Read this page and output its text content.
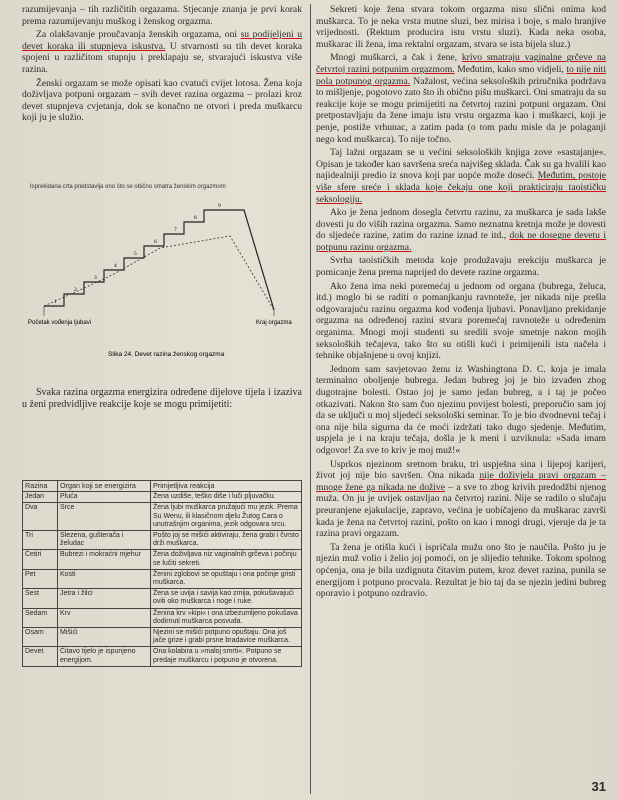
razumijevanja – tih različitih orgazama. Stjecanje znanja je prvi korak prema razumijevanju muškog i ženskog orgazma.

Za olakšavanje proučavanja ženskih orgazama, oni su podijeljeni u devet koraka ili stupnjeva iskustva. U stvarnosti su tih devet koraka spojeni u različitom stupnju i preklapaju se, stvarajući iskustva više razina.

Ženski orgazam se može opisati kao cvatući cvijet lotosa. Žena koja doživljava potpuni orgazam – svih devet razina orgazma – prolazi kroz devet stupnjeva cvjetanja, dok se konačno ne otvori i preda muškarcu koji ju je služio.

Isprekidana crta predstavlja ono što se obično smatra ženskim orgazmom
1
2
3
4
5
6
7
8
9
Početak vođenja ljubavi	Kraj orgazma
Slika 24. Devet razina ženskog orgazma

Svaka razina orgazma energizira određene dijelove tijela i izaziva u ženi predvidljive reakcije koje se mogu primijetiti:

Razina	Organ koji se energizira	Primjetljiva reakcija
Jedan	Pluća	Žena uzdiše, teško diše i luči pljuvačku.
Dva	Srce	Žena ljubi muškarca pružajući mu jezik. Prema Su Wenu, ili klasičnom djelu Žutog Cara o unutrašnjim organima, jezik odgovara srcu.
Tri	Slezena, gušterača i želudac	Pošto joj se mišići aktiviraju, žena grabi i čvrsto drži muškarca.
Četiri	Bubrezi i mokraćni mjehur	Žena doživljava niz vaginalnih grčeva i počinju se lučiti sekreti.
Pet	Kosti	Ženini zglobovi se opuštaju i ona počinje gristi muškarca.
Šest	Jetra i žilci	Žena se uvija i savija kao zmija, pokušavajući oviti oko muškarca i noge i ruke.
Sedam	Krv	Ženina krv »kipi« i ona izbezumljeno pokušava dodirnuti muškarca posvuda.
Osam	Mišići	Njezini se mišići potpuno opuštaju. Ona još jače grize i grabi prsne bradavice muškarca.
Devet	Čitavo tijelo je ispunjeno energijom.	Ona kolabira u »malој smrti«. Potpuno se predaje muškarcu i potpuno je otvorena.

Sekreti koje žena stvara tokom orgazma nisu slični onima kod muškarca. To je neka vrsta mutne sluzi, bez mirisa i boje, s malo hranjive vrijednosti. (Rektum producira istu vrstu sluzi). Kada neka osoba, muškarac ili žena, ima rektalni orgazam, stvara se ista bijela sluz.)

Mnogi muškarci, a čak i žene, krivo smatraju vaginalne grčeve na četvrtoj razini potpunim orgazmom. Međutim, kako smo vidjeli, to nije niti pola potpunog orgazma. Nažalost, većina seksoloških priručnika podržava to mišljenje, pogotovo zato što ih obično pišu muškarci. Oni smatraju da su reakcije koje se mogu primijetiti na četvrtoj razini potpuni orgazam. Oni pretpostavljaju da žene imaju istu vrstu orgazma kao i muškarci, koji je penje, postiže vrhunac, a zatim pada (o tom padu misle da je polaganji nego kod muškarca). To nije točno.

Taj lažni orgazam se u većini seksoloških knjiga zove »sastajanje«. Opisan je također kao savršena sreća najvišeg sklada. Čak su ga hvalili kao najidealniji predio iz snova koji par uopće može doseći. Međutim, postoje više sfere sreće i sklada koje čekaju one koji prakticiraju taoističku seksologiju.

Ako je žena jednom dosegla četvrtu razinu, za muškarca je sada lakše dovesti ju do viših razina orgazma. Samo neznatna kretnja može je dovesti do sljedeće razine, zatim do razine iznad te itd., dok ne dosegne devetu i potpunu razinu orgazma.

Svrha taoističkih metoda koje produžavaju erekciju muškarca je pomicanje žena prema naprijed do devete razine orgazma.

Ako žena ima neki poremećaj u jednom od organa (bubrega, želuca, itd.) moglo bi se raditi o pomanjkanju ravnoteže, jer nikada nije prešla odgovarajuću razinu orgazma kod vođenja ljubavi. Ponavljano prekidanje orgazma na određenoj razini stvara poremećaj ravnoteže u određenim organima. Mnogi moji studenti su sredili svoje smetnje nakon mojih seksoloških tečajeva, tako što su otišli kući i primijenili ista načela i tehnike objašnjene u ovoj knjizi.

Jednom sam savjetovao ženu iz Washingtona D. C. koja je imala terminalno oboljenje bubrega. Jedan bubreg joj je bio izvađen zbog dugotrajne bolesti. Ostao joj je samo jedan bubreg, a i taj je počeo otkazivati. Nakon što sam čuo njezinu povijest bolesti, preporučio sam joj da se uključi u moj sljedeći seksološki seminar. To je bio dvodnevni tečaj i ona nije bila sigurna da će moći izdržati tako dugo sjedenje. Međutim, uspjela je i na kraju tečaja, došla je k meni i uzviknula: »Sada imam odgovor! Za sve to kriv je moj muž!«

Usprkos njezinom sretnom braku, tri uspješna sina i lijepoj karijeri, život joj nije bio savršen. Ona nikada nije doživjela pravi orgazam – mnoge žene ga nikada ne dožive – a sve to zbog krivih predodžbi njenog muža. On ju je uvijek ostavljao na četvrtoj razini. Nije se radilo o slučaju preuranjene ejakulacije, zapravo, većina je uobičajeno da muškarac završi kada je žena na četvrtoj razini, pošto on kao i mnogi drugi, vjeruje da je ta razina pravi orgazam.

Ta žena je otišla kući i ispričala mužu ono što je naučila. Pošto ju je njezin muž volio i želio joj pomoći, on je slijedio tehnike. Tokom spolnog općenja, ona je bila uzdignuta čitavim putem, kroz devet razina, punila se energijom i potpuno procvala. Rezultat je bio taj da se njezin jedini bubreg oporavio i potpuno ozdravio.

31
